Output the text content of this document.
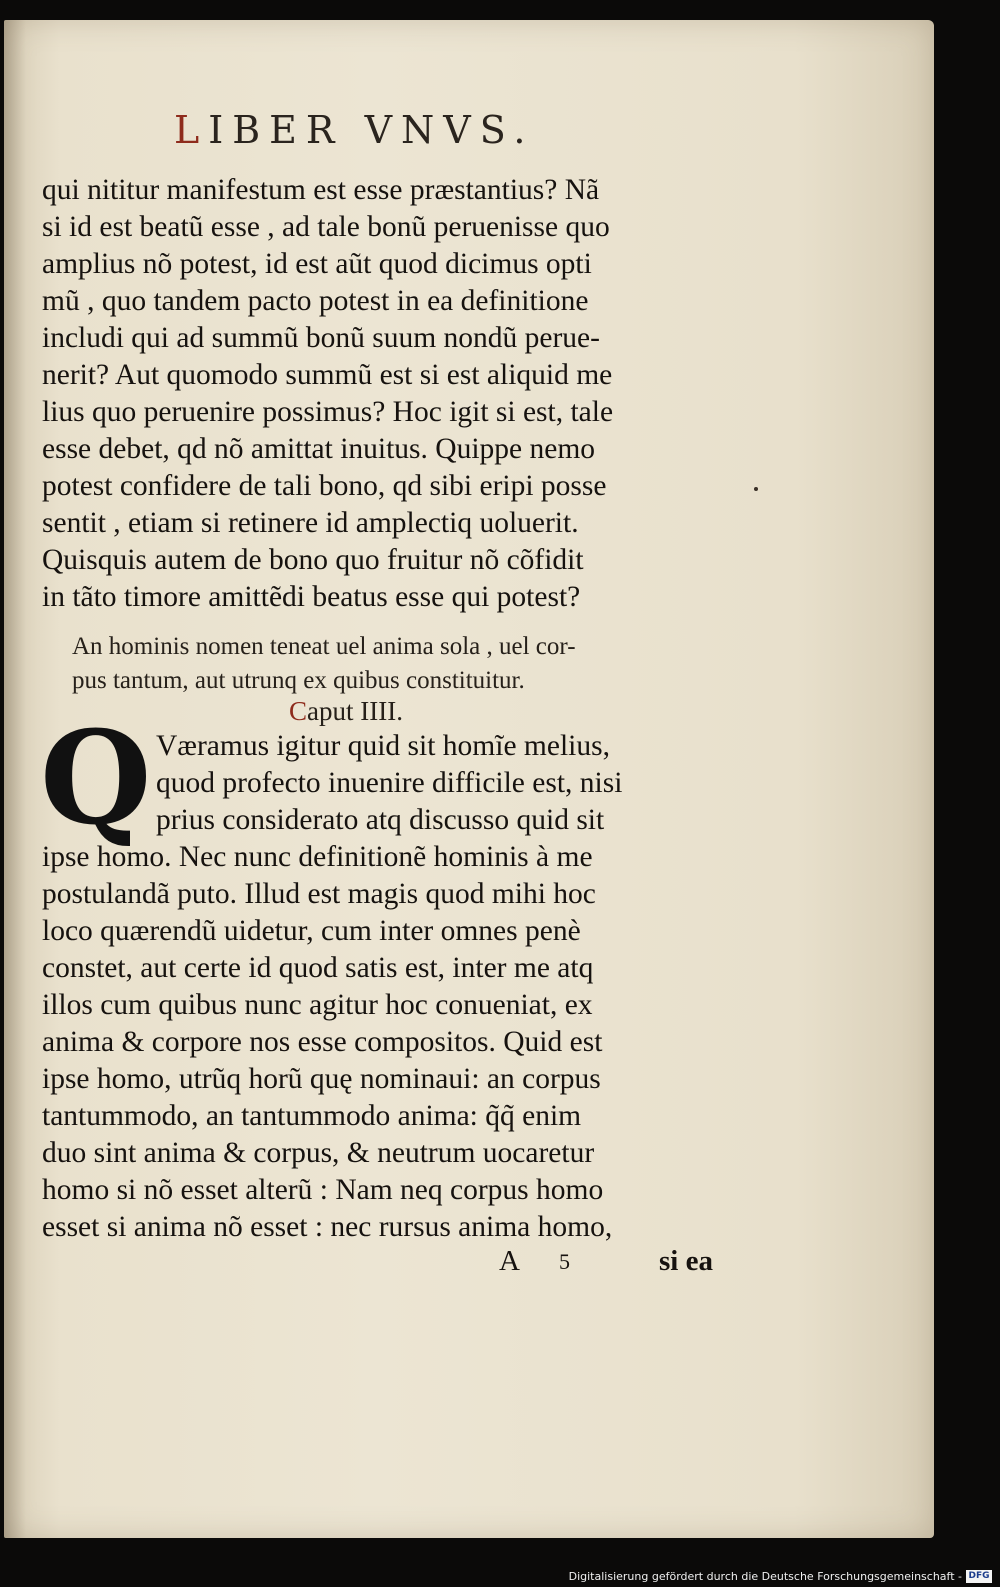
LIBER VNVS.
qui nititur manifestum est esse præstantius? Nã
si id est beatũ esse , ad tale bonũ peruenisse quo
amplius nõ potest, id est aũt quod dicimus opti
mũ , quo tandem pacto potest in ea definitione
includi qui ad summũ bonũ suum nondũ perue-
nerit? Aut quomodo summũ est si est aliquid me
lius quo peruenire possimus? Hoc igit si est, tale
esse debet, qd nõ amittat inuitus. Quippe nemo
potest confidere de tali bono, qd sibi eripi posse
sentit , etiam si retinere id amplectiq uoluerit.
Quisquis autem de bono quo fruitur nõ cõfidit
in tãto timore amittẽdi beatus esse qui potest?
An hominis nomen teneat uel anima sola , uel cor-
pus tantum, aut utrunq ex quibus constituitur.
Caput IIII.
Q Væramus igitur quid sit homĩe melius,
quod profecto inuenire difficile est, nisi
prius considerato atq discusso quid sit
ipse homo. Nec nunc definitionẽ hominis à me
postulandã puto. Illud est magis quod mihi hoc
loco quærendũ uidetur, cum inter omnes penè
constet, aut certe id quod satis est, inter me atq
illos cum quibus nunc agitur hoc conueniat, ex
anima & corpore nos esse compositos. Quid est
ipse homo, utrũq horũ quę nominaui: an corpus
tantummodo, an tantummodo anima: q̃q̃ enim
duo sint anima & corpus, & neutrum uocaretur
homo si nõ esset alterũ : Nam neq corpus homo
esset si anima nõ esset : nec rursus anima homo,
A 5	si ea
Digitalisierung gefördert durch die Deutsche Forschungsgemeinschaft - DFG
